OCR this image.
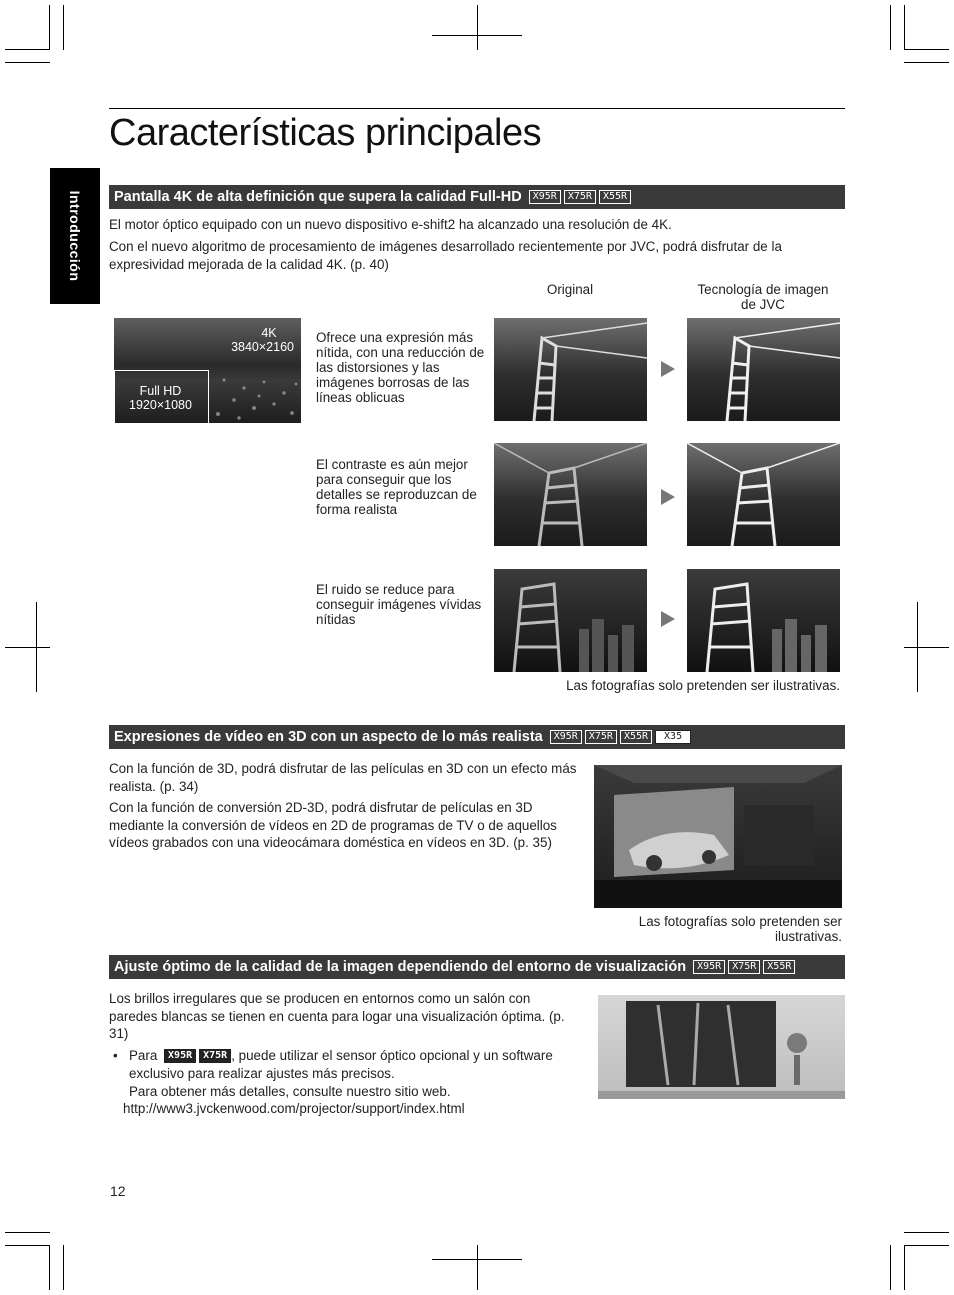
Características principales
Introducción	Pantalla 4K de alta definición que supera la calidad Full-HD X95R X75R X55R
El motor óptico equipado con un nuevo dispositivo e-shift2 ha alcanzado una resolución de 4K.
Con el nuevo algoritmo de procesamiento de imágenes desarrollado recientemente por JVC, podrá disfrutar de la expresividad mejorada de la calidad 4K. (p. 40)
Original	Tecnología de imagen
de JVC
4K
3840×2160
Full HD
1920×1080
Ofrece una expresión más nítida, con una reducción de las distorsiones y las imágenes borrosas de las líneas oblicuas
El contraste es aún mejor para conseguir que los detalles se reproduzcan de forma realista
El ruido se reduce para conseguir imágenes vívidas nítidas
Las fotografías solo pretenden ser ilustrativas.
Expresiones de vídeo en 3D con un aspecto de lo más realista X95R X75R X55R X35
Con la función de 3D, podrá disfrutar de las películas en 3D con un efecto más realista. (p. 34)
Con la función de conversión 2D-3D, podrá disfrutar de películas en 3D mediante la conversión de vídeos en 2D de programas de TV o de aquellos vídeos grabados con una videocámara doméstica en vídeos en 3D. (p. 35)
Las fotografías solo pretenden ser
ilustrativas.
Ajuste óptimo de la calidad de la imagen dependiendo del entorno de visualización X95R X75R X55R
Los brillos irregulares que se producen en entornos como un salón con paredes blancas se tienen en cuenta para logar una visualización óptima. (p. 31)
• Para X95R X75R , puede utilizar el sensor óptico opcional y un software exclusivo para realizar ajustes más precisos.
Para obtener más detalles, consulte nuestro sitio web.
http://www3.jvckenwood.com/projector/support/index.html
12
